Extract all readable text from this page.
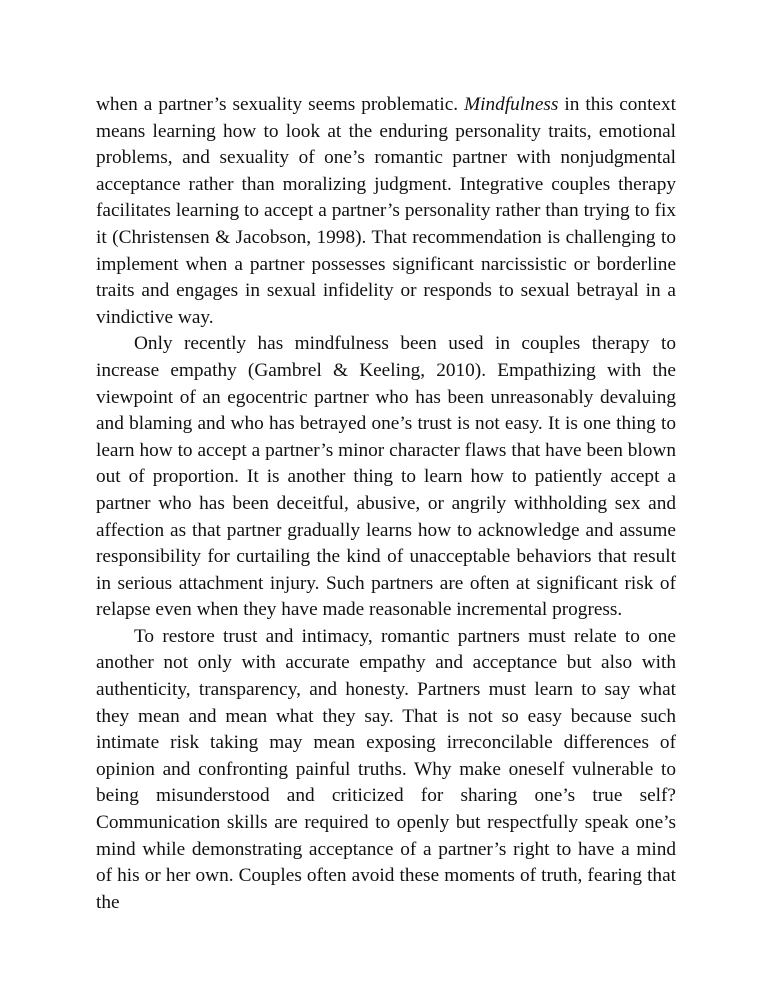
when a partner’s sexuality seems problematic. Mindfulness in this context means learning how to look at the enduring personality traits, emotional problems, and sexuality of one’s romantic partner with nonjudgmental acceptance rather than moralizing judgment. Integrative couples therapy facilitates learning to accept a partner’s personality rather than trying to fix it (Christensen & Jacobson, 1998). That recommendation is challenging to implement when a partner possesses significant narcissistic or borderline traits and engages in sexual infidelity or responds to sexual betrayal in a vindictive way.

Only recently has mindfulness been used in couples therapy to increase empathy (Gambrel & Keeling, 2010). Empathizing with the viewpoint of an egocentric partner who has been unreasonably devaluing and blaming and who has betrayed one’s trust is not easy. It is one thing to learn how to accept a partner’s minor character flaws that have been blown out of proportion. It is another thing to learn how to patiently accept a partner who has been deceitful, abusive, or angrily withholding sex and affection as that partner gradually learns how to acknowledge and assume responsibility for curtailing the kind of unacceptable behaviors that result in serious attachment injury. Such partners are often at significant risk of relapse even when they have made reasonable incremental progress.

To restore trust and intimacy, romantic partners must relate to one another not only with accurate empathy and acceptance but also with authenticity, transparency, and honesty. Partners must learn to say what they mean and mean what they say. That is not so easy because such intimate risk taking may mean exposing irreconcilable differences of opinion and confronting painful truths. Why make oneself vulnerable to being misunderstood and criticized for sharing one’s true self? Communication skills are required to openly but respectfully speak one’s mind while demonstrating acceptance of a partner’s right to have a mind of his or her own. Couples often avoid these moments of truth, fearing that the
